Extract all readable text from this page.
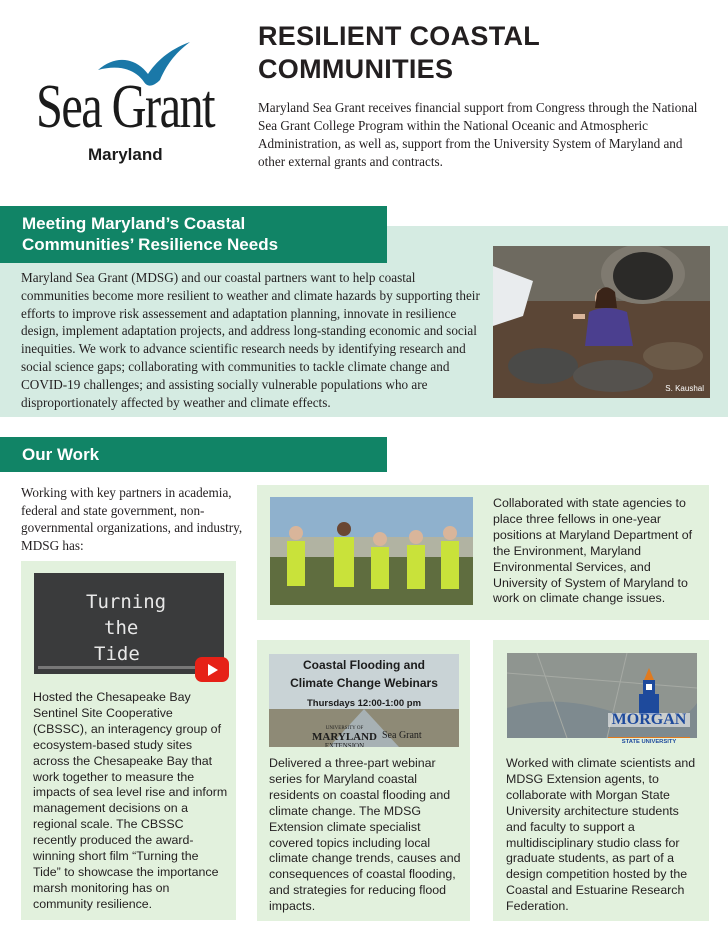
Sea Grant
Maryland
RESILIENT COASTAL COMMUNITIES
Maryland Sea Grant receives financial support from Congress through the National Sea Grant College Program within the National Oceanic and Atmospheric Administration, as well as, support from the University System of Maryland and other external grants and contracts.
Meeting Maryland’s Coastal
Communities’ Resilience Needs
Maryland Sea Grant (MDSG) and our coastal partners want to help coastal communities become more resilient to weather and climate hazards by supporting their efforts to improve risk assessement and adaptation planning, innovate in resilience design, implement adaptation projects, and address long-standing economic and social inequities. We work to advance scientific research needs by identifying research and social science gaps; collaborating with communities to tackle climate change and COVID-19 challenges; and assisting socially vulnerable populations who are disproportionately affected by weather and climate effects.
S. Kaushal
Our Work
Working with key partners in academia, federal and state government, non-governmental organizations, and industry, MDSG has:
Turning
the
Tide
Hosted the Chesapeake Bay Sentinel Site Cooperative (CBSSC), an interagency group of ecosystem-based study sites across the Chesapeake Bay that work together to measure the impacts of sea level rise and inform management decisions on a regional scale. The CBSSC recently produced the award-winning short film “Turning the Tide” to showcase the importance marsh monitoring has on community resilience.
Collaborated with state agencies to place three fellows in one-year positions at Maryland Department of the Environment, Maryland Environmental Services, and University of System of Maryland to work on climate change issues.
Coastal Flooding and
Climate Change Webinars
Thursdays 12:00-1:00 pm
UNIVERSITY OF
MARYLAND
EXTENSION
Sea Grant
Delivered a three-part webinar series for Maryland coastal residents on coastal flooding and climate change. The MDSG Extension climate specialist covered topics including local climate change trends, causes and consequences of coastal flooding, and strategies for reducing flood impacts.
MORGAN
STATE UNIVERSITY
Worked with climate scientists and MDSG Extension agents, to collaborate with Morgan State University architecture students and faculty to support a multidisciplinary studio class for graduate students, as part of a design competition hosted by the Coastal and Estuarine Research Federation.
